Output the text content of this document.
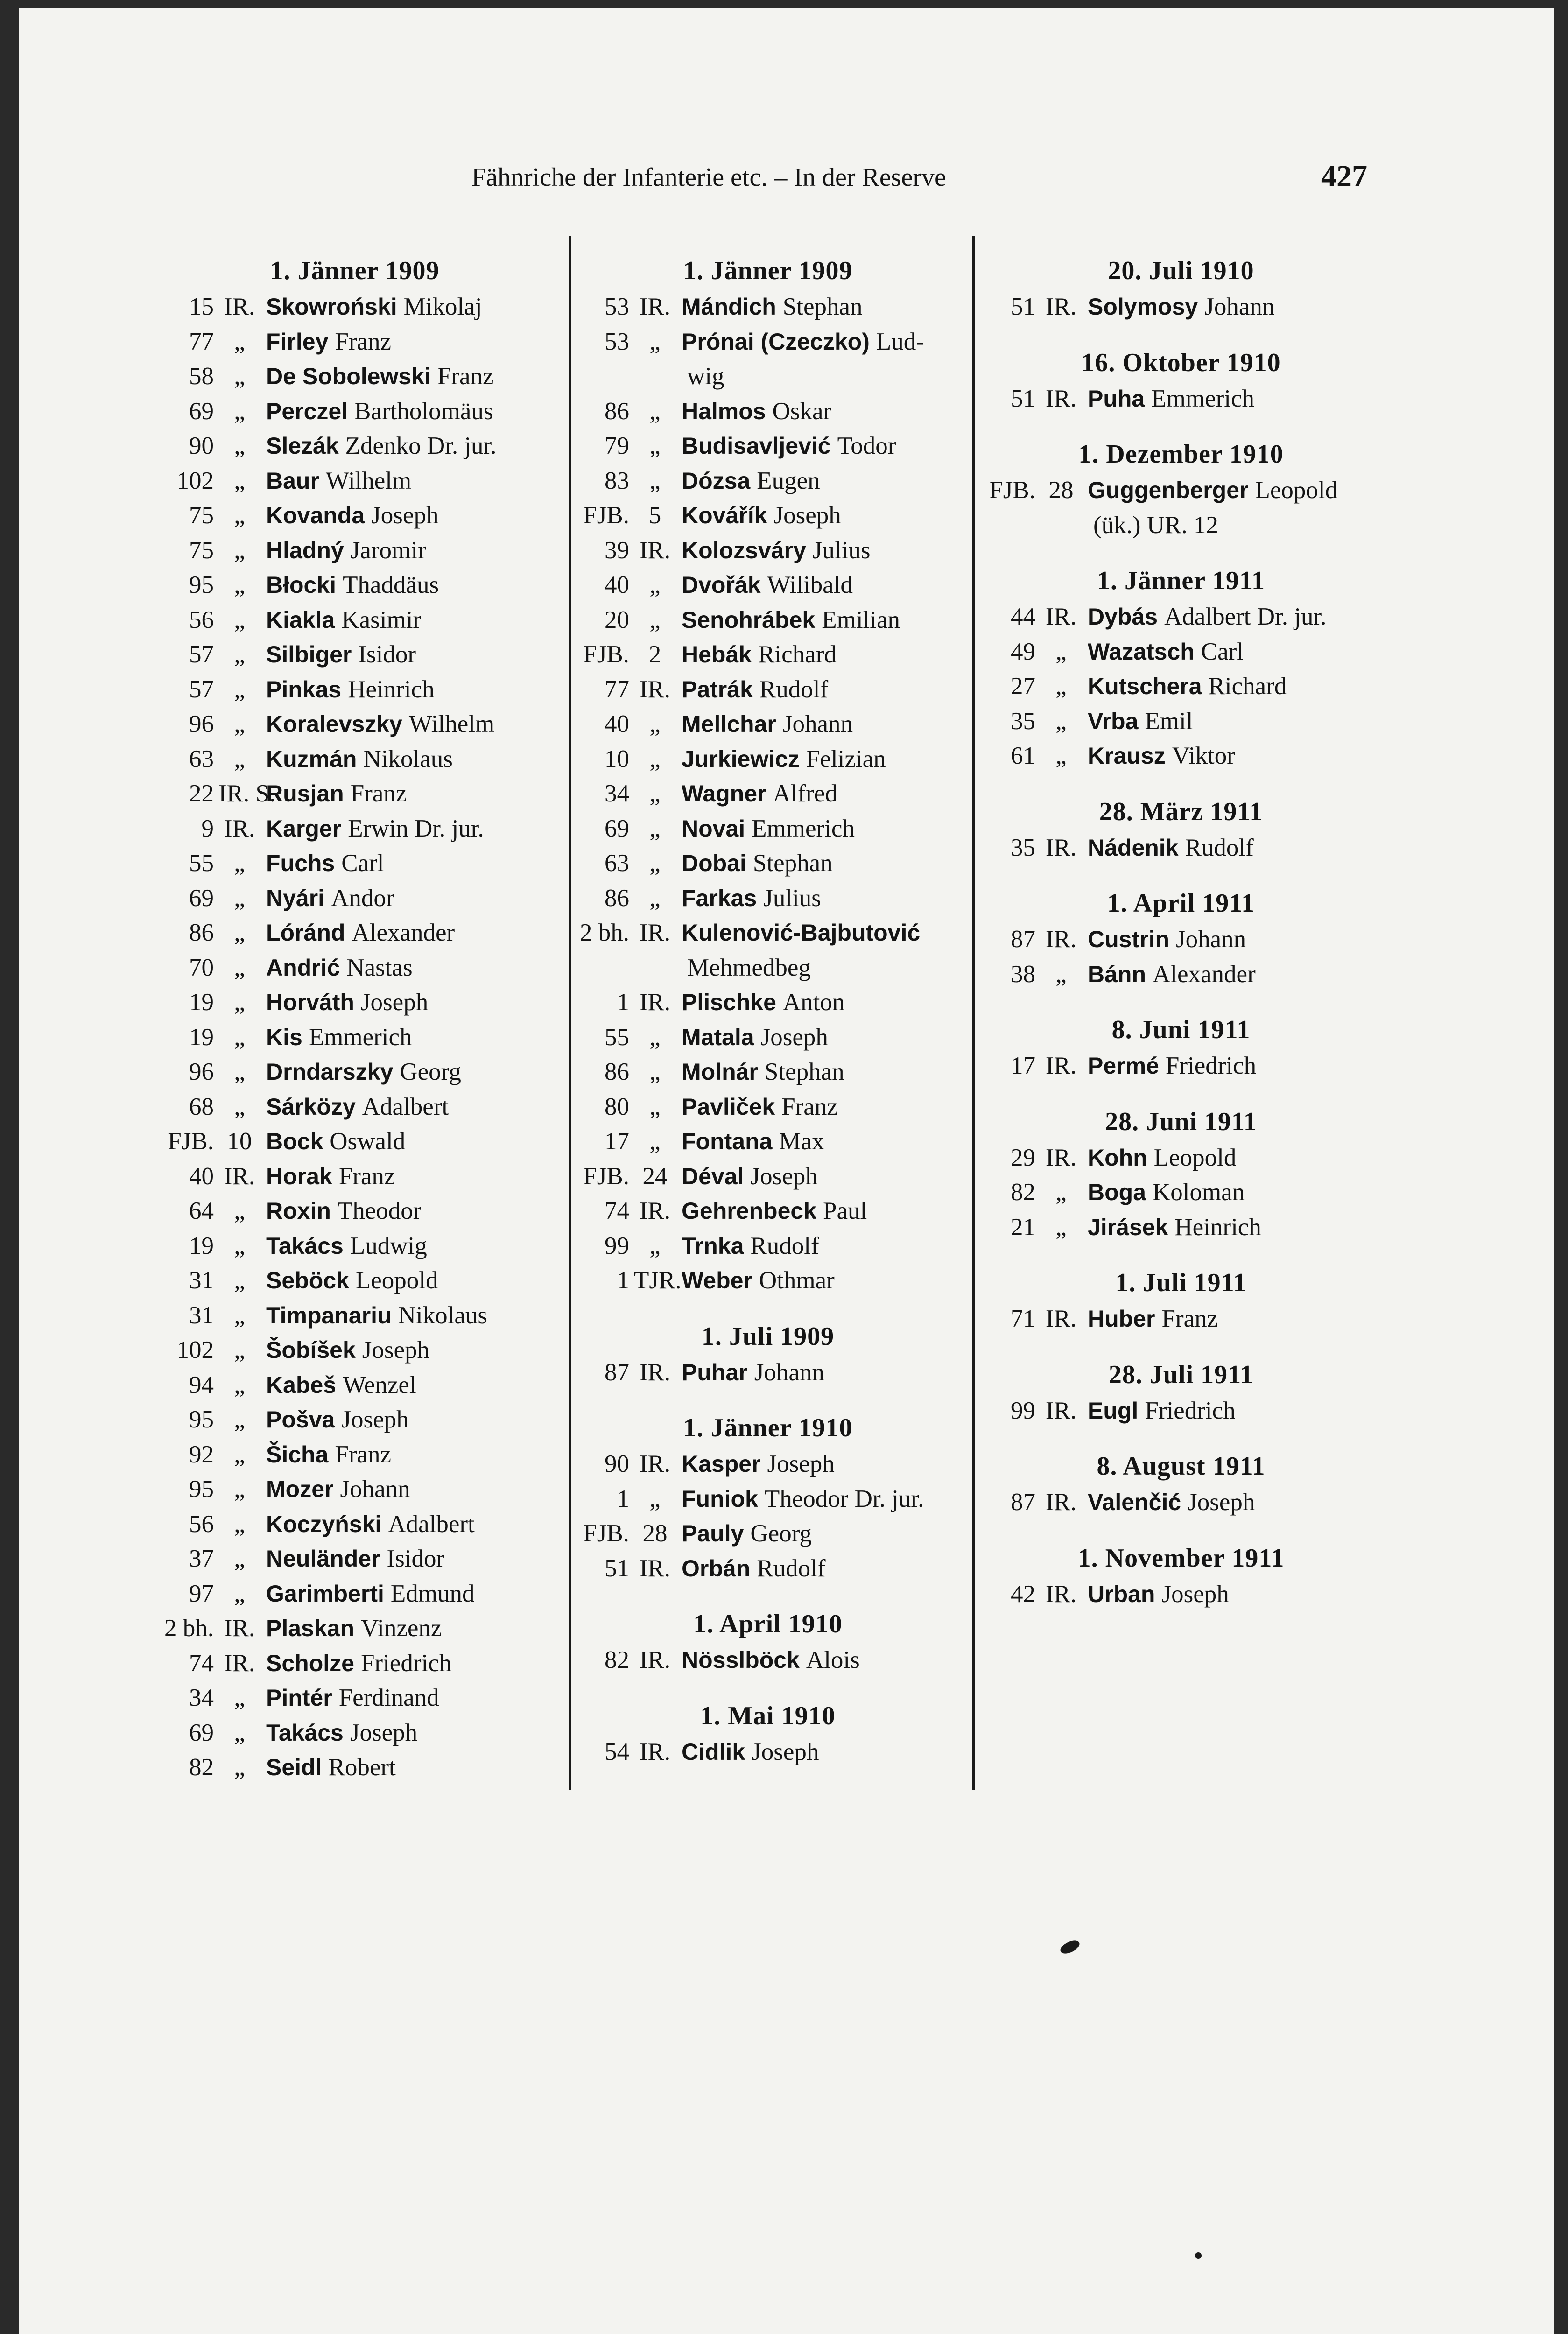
Fähnriche der Infanterie etc. – In der Reserve	427
1. Jänner 1909
15 IR. Skowroński Mikolaj
77 „ Firley Franz
58 „ De Sobolewski Franz
69 „ Perczel Bartholomäus
90 „ Slezák Zdenko Dr. jur.
102 „ Baur Wilhelm
75 „ Kovanda Joseph
75 „ Hladný Jaromir
95 „ Błocki Thaddäus
56 „ Kiakla Kasimir
57 „ Silbiger Isidor
57 „ Pinkas Heinrich
96 „ Koralevszky Wilhelm
63 „ Kuzmán Nikolaus
22 IR. S.
Rusjan Franz
9 IR. Karger Erwin Dr. jur.
55 „ Fuchs Carl
69 „ Nyári Andor
86 „ Lóránd Alexander
70 „ Andrić Nastas
19 „ Horváth Joseph
19 „ Kis Emmerich
96 „ Drndarszky Georg
68 „ Sárközy Adalbert
FJB. 10 Bock Oswald
40 IR. Horak Franz
64 „ Roxin Theodor
19 „ Takács Ludwig
31 „ Seböck Leopold
31 „ Timpanariu Nikolaus
102 „ Šobíšek Joseph
94 „ Kabeš Wenzel
95 „ Pošva Joseph
92 „ Šicha Franz
95 „ Mozer Johann
56 „ Koczyński Adalbert
37 „ Neuländer Isidor
97 „ Garimberti Edmund
2 bh. IR. Plaskan Vinzenz
74 IR. Scholze Friedrich
34 „ Pintér Ferdinand
69 „ Takács Joseph
82 „ Seidl Robert
1. Jänner 1909
53 IR. Mándich Stephan
53 „ Prónai (Czeczko) Lud-
wig
86 „ Halmos Oskar
79 „ Budisavljević Todor
83 „ Dózsa Eugen
FJB. 5 Kovářík Joseph
39 IR. Kolozsváry Julius
40 „ Dvořák Wilibald
20 „ Senohrábek Emilian
FJB. 2 Hebák Richard
77 IR. Patrák Rudolf
40 „ Mellchar Johann
10 „ Jurkiewicz Felizian
34 „ Wagner Alfred
69 „ Novai Emmerich
63 „ Dobai Stephan
86 „ Farkas Julius
2 bh. IR. Kulenović-Bajbutović
Mehmedbeg
1 IR. Plischke Anton
55 „ Matala Joseph
86 „ Molnár Stephan
80 „ Pavliček Franz
17 „ Fontana Max
FJB. 24 Déval Joseph
74 IR. Gehrenbeck Paul
99 „ Trnka Rudolf
1 TJR. Weber Othmar
1. Juli 1909
87 IR. Puhar Johann
1. Jänner 1910
90 IR. Kasper Joseph
1 „ Funiok Theodor Dr. jur.
FJB. 28 Pauly Georg
51 IR. Orbán Rudolf
1. April 1910
82 IR. Nösslböck Alois
1. Mai 1910
54 IR. Cidlik Joseph
20. Juli 1910
51 IR. Solymosy Johann
16. Oktober 1910
51 IR. Puha Emmerich
1. Dezember 1910
FJB. 28 Guggenberger Leopold
(ük.) UR. 12
1. Jänner 1911
44 IR. Dybás Adalbert Dr. jur.
49 „ Wazatsch Carl
27 „ Kutschera Richard
35 „ Vrba Emil
61 „ Krausz Viktor
28. März 1911
35 IR. Nádenik Rudolf
1. April 1911
87 IR. Custrin Johann
38 „ Bánn Alexander
8. Juni 1911
17 IR. Permé Friedrich
28. Juni 1911
29 IR. Kohn Leopold
82 „ Boga Koloman
21 „ Jirásek Heinrich
1. Juli 1911
71 IR. Huber Franz
28. Juli 1911
99 IR. Eugl Friedrich
8. August 1911
87 IR. Valenčić Joseph
1. November 1911
42 IR. Urban Joseph
